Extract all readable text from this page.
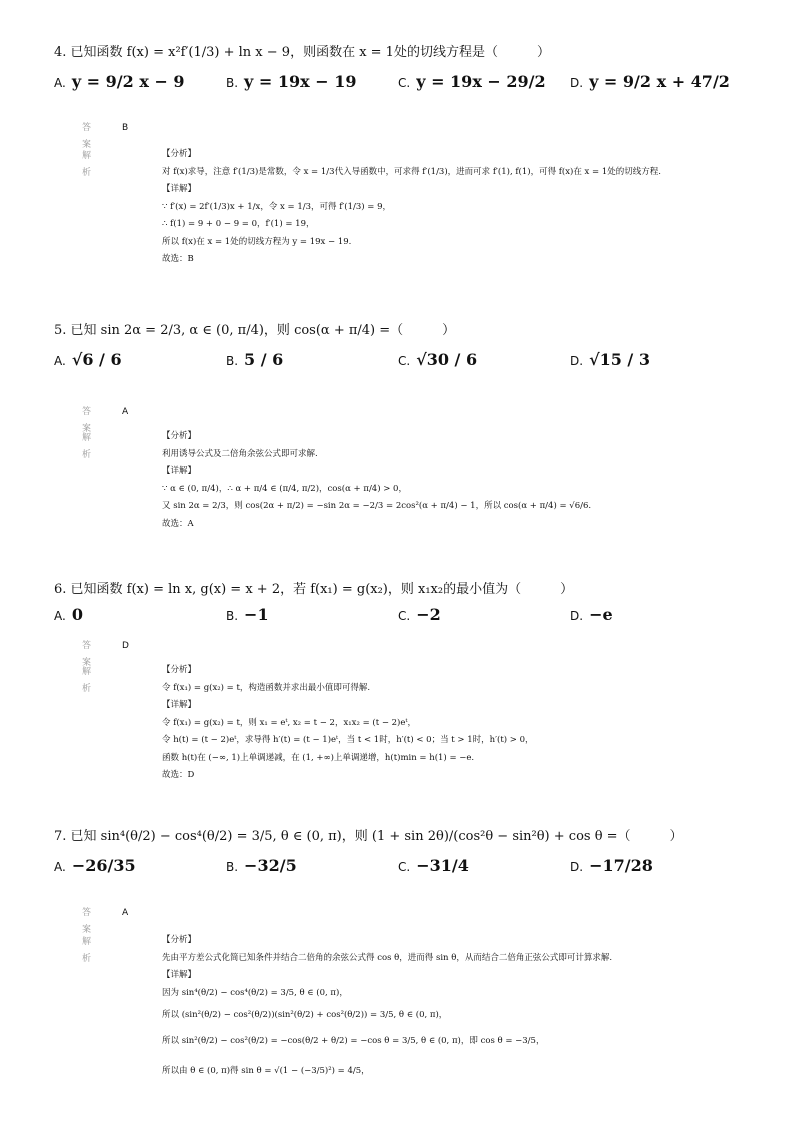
4. 已知函数 f(x) = x²f′(1/3) + ln x − 9，则函数在 x = 1处的切线方程是（　　　）
A. y = 9/2 x − 9	B. y = 19x − 19	C. y = 19x − 29/2 D. y = 9/2 x + 47/2
答案
B
解析
【分析】
对 f(x)求导，注意 f′(1/3)是常数，令 x = 1/3代入导函数中，可求得 f′(1/3)，进而可求 f′(1), f(1)，可得 f(x)在 x = 1处的切线方程.
【详解】
∵ f′(x) = 2f′(1/3)x + 1/x，令 x = 1/3，可得 f′(1/3) = 9，
∴ f(1) = 9 + 0 − 9 = 0，f′(1) = 19，
所以 f(x)在 x = 1处的切线方程为 y = 19x − 19.
故选：B
5. 已知 sin 2α = 2/3, α ∈ (0, π/4)，则 cos(α + π/4) =（　　　）
A. √6 / 6	B. 5 / 6	C. √30 / 6	D. √15 / 3
答案
A
解析
【分析】
利用诱导公式及二倍角余弦公式即可求解.
【详解】
∵ α ∈ (0, π/4)，∴ α + π/4 ∈ (π/4, π/2)，cos(α + π/4) > 0，
又 sin 2α = 2/3，则 cos(2α + π/2) = −sin 2α = −2/3 = 2cos²(α + π/4) − 1，所以 cos(α + π/4) = √6/6.
故选：A
6. 已知函数 f(x) = ln x, g(x) = x + 2，若 f(x₁) = g(x₂)，则 x₁x₂的最小值为（　　　）
A. 0	B. −1	C. −2	D. −e
答案
D
解析
【分析】
令 f(x₁) = g(x₂) = t，构造函数并求出最小值即可得解.
【详解】
令 f(x₁) = g(x₂) = t，则 x₁ = eᵗ, x₂ = t − 2，x₁x₂ = (t − 2)eᵗ，
令 h(t) = (t − 2)eᵗ，求导得 h′(t) = (t − 1)eᵗ，当 t < 1时，h′(t) < 0；当 t > 1时，h′(t) > 0，
函数 h(t)在 (−∞, 1)上单调递减，在 (1, +∞)上单调递增，h(t)min = h(1) = −e.
故选：D
7. 已知 sin⁴(θ/2) − cos⁴(θ/2) = 3/5, θ ∈ (0, π)，则 (1 + sin 2θ)/(cos²θ − sin²θ) + cos θ =（　　　）
A. −26/35	B. −32/5	C. −31/4	D. −17/28
答案
A
解析
【分析】
先由平方差公式化简已知条件并结合二倍角的余弦公式得 cos θ，进而得 sin θ，从而结合二倍角正弦公式即可计算求解.
【详解】
因为 sin⁴(θ/2) − cos⁴(θ/2) = 3/5, θ ∈ (0, π)，
所以 (sin²(θ/2) − cos²(θ/2))(sin²(θ/2) + cos²(θ/2)) = 3/5, θ ∈ (0, π)，
所以 sin²(θ/2) − cos²(θ/2) = −cos(θ/2 + θ/2) = −cos θ = 3/5, θ ∈ (0, π)，即 cos θ = −3/5，
所以由 θ ∈ (0, π)得 sin θ = √(1 − (−3/5)²) = 4/5，
